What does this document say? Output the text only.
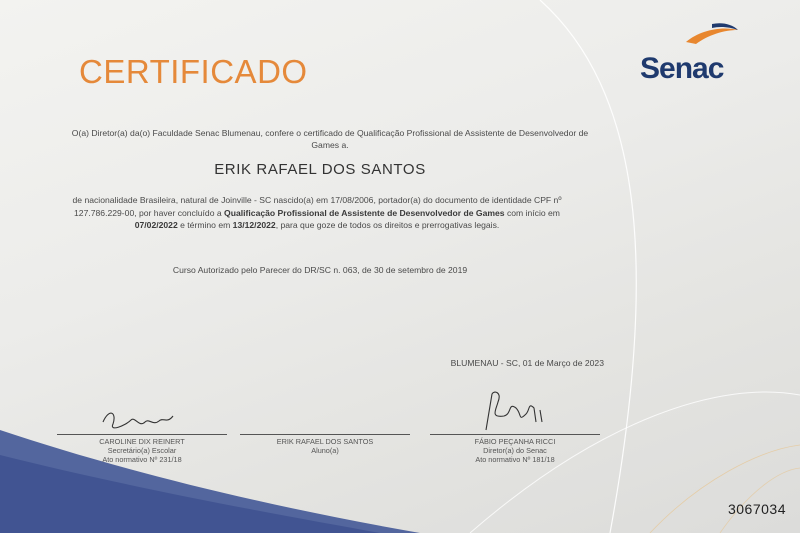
CERTIFICADO	Senac
O(a) Diretor(a) da(o) Faculdade Senac Blumenau, confere o certificado de Qualificação Profissional de Assistente de Desenvolvedor de Games a.
ERIK RAFAEL DOS SANTOS
de nacionalidade Brasileira, natural de Joinville - SC nascido(a) em 17/08/2006, portador(a) do documento de identidade CPF nº 127.786.229-00, por haver concluído a Qualificação Profissional de Assistente de Desenvolvedor de Games com início em 07/02/2022 e término em 13/12/2022, para que goze de todos os direitos e prerrogativas legais.
Curso Autorizado pelo Parecer do DR/SC n. 063, de 30 de setembro de 2019
BLUMENAU - SC, 01 de Março de 2023
CAROLINE DIX REINERT
Secretário(a) Escolar
Ato normativo Nº 231/18
ERIK RAFAEL DOS SANTOS
Aluno(a)
FÁBIO PEÇANHA RICCI
Diretor(a) do Senac
Ato normativo Nº 181/18
3067034
